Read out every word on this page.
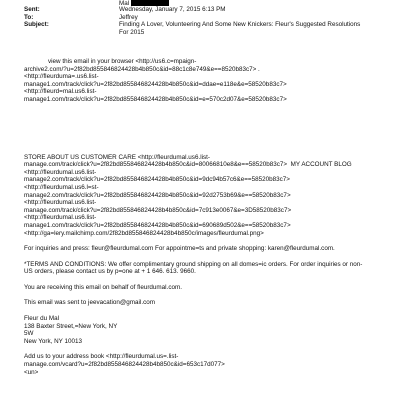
Mal
Sent:	Wednesday, January 7, 2015 6:13 PM
To:	Jeffrey
Subject:	Finding A Lover, Volunteering And Some New Knickers: Fleur's Suggested Resolutions
For 2015

view this email in your browser <http://us6.c=mpaign-

archive2.com/?u=2f82bd855846824428b4b850c&id=88c1c8e749&e==8520b83c7> .

<http://fleurduma=.us6.list-

manage1.com/track/click?u=2f82bd855846824428b4b850c&id=ddae=e118e&e=58520b83c7>

<http://fleurd=mal.us6.list-

manage1.com/track/click?u=2f82bd855846824428b4b850c&id=e=570c2d07&e=58520b83c7>

STORE ABOUT US CUSTOMER CARE <http://fleurdumal.us6.list-

manage.com/track/click?u=2f82bd855846824428b4b850c&id=80066810e8&e==58520b83c7>  MY ACCOUNT BLOG

<http://fleurdumal.us6.list-

manage2.com/track/click?u=2f82bd855846824428b4b850c&id=9dc94b57c6&e==58520b83c7>

<http://fleurdumal.us6.l=st-

manage2.com/track/click?u=2f82bd855846824428b4b850c&id=92d2753b69&e==58520b83c7>

<http://fleurdumal.us6.list-

manage.com/track/click?u=2f82bd855846824428b4b850c&id=7c913e0067&e=3D58520b83c7>

<http://fleurdumal.us6.list-

manage1.com/track/click?u=2f82bd855846824428b4b850c&id=690689d502&e==58520b83c7>

<http://ga=lery.mailchimp.com/2f82bd855846824428b4b850c/images/fleurdumal.png>

For inquiries and press: fleur@fleurdumal.com For appointme=ts and private shopping: karen@fleurdumal.com.

*TERMS AND CONDITIONS: We offer complimentary ground shipping on all domes=ic orders. For order inquiries or non-

US orders, please contact us by p=one at + 1 646. 613. 9660.

You are receiving this email on behalf of fleurdumal.com.

This email was sent to jeevacation@gmail.com

Fleur du Mal

138 Baxter Street,=New York, NY

5W

New York, NY 10013

Add us to your address book <http://fleurdumal.us=.list-

manage.com/vcard?u=2f82bd855846824428b4b850c&id=653c17d077>

<un>
